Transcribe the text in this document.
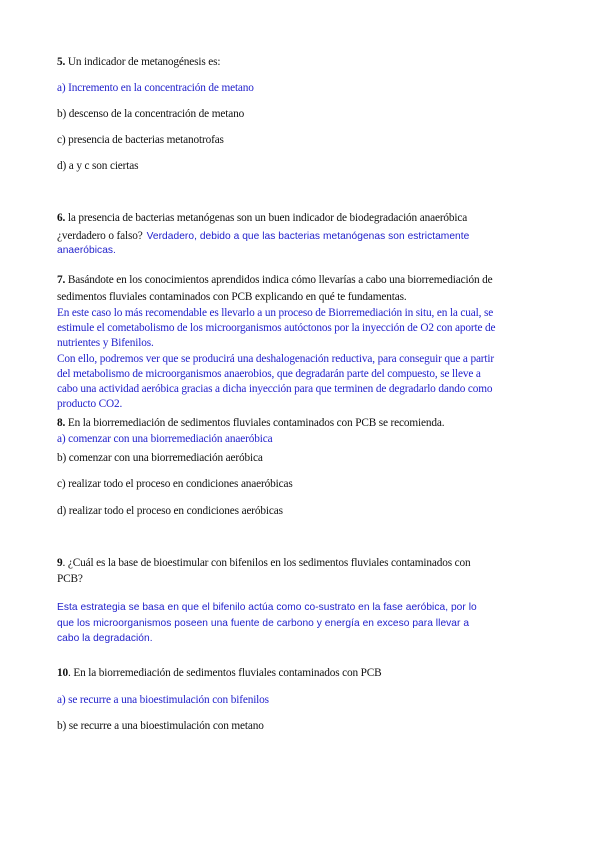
5. Un indicador de metanogénesis es:

a) Incremento en la concentración de metano

b) descenso de la concentración de metano

c) presencia de bacterias metanotrofas

d) a y c son ciertas

6. la presencia de bacterias metanógenas son un buen indicador de biodegradación anaeróbica

¿verdadero o falso? Verdadero, debido a que las bacterias metanógenas son estrictamente

anaeróbicas.

7. Basándote en los conocimientos aprendidos indica cómo llevarías a cabo una biorremediación de

sedimentos fluviales contaminados con PCB explicando en qué te fundamentas.

En este caso lo más recomendable es llevarlo a un proceso de Biorremediación in situ, en la cual, se
estimule el cometabolismo de los microorganismos autóctonos por la inyección de O2 con aporte de
nutrientes y Bifenilos.
Con ello, podremos ver que se producirá una deshalogenación reductiva, para conseguir que a partir
del metabolismo de microorganismos anaerobios, que degradarán parte del compuesto, se lleve a
cabo una actividad aeróbica gracias a dicha inyección para que terminen de degradarlo dando como
producto CO2.

8. En la biorremediación de sedimentos fluviales contaminados con PCB se recomienda.

a) comenzar con una biorremediación anaeróbica

b) comenzar con una biorremediación aeróbica

c) realizar todo el proceso en condiciones anaeróbicas

d) realizar todo el proceso en condiciones aeróbicas

9. ¿Cuál es la base de bioestimular con bifenilos en los sedimentos fluviales contaminados con

PCB?

Esta estrategia se basa en que el bifenilo actúa como co-sustrato en la fase aeróbica, por lo
que los microorganismos poseen una fuente de carbono y energía en exceso para llevar a
cabo la degradación.

10. En la biorremediación de sedimentos fluviales contaminados con PCB

a) se recurre a una bioestimulación con bifenilos

b) se recurre a una bioestimulación con metano
